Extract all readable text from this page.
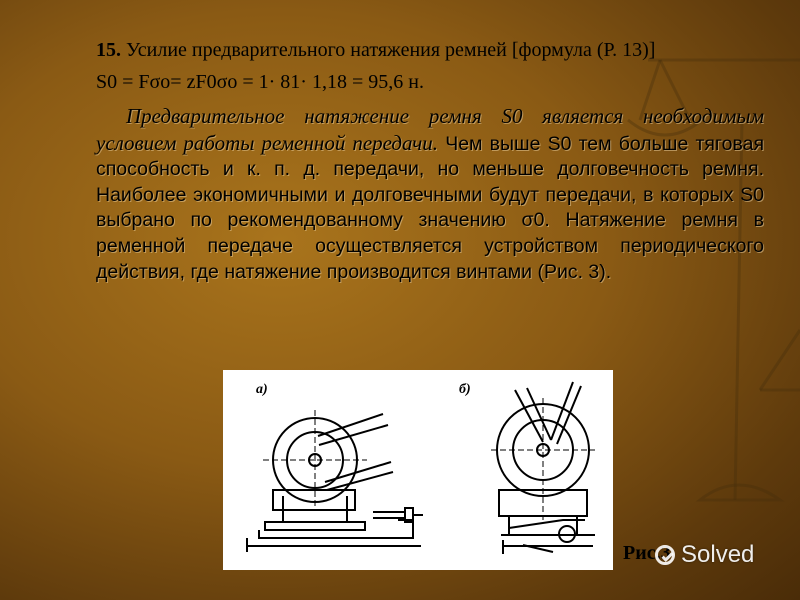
15. Усилие предварительного натяжения ремней [формула (Р. 13)]

S0 = Fσo= zF0σo = 1· 81· 1,18 = 95,6 н.

Предварительное натяжение ремня S0 является необходимым условием работы ременной передачи. Чем выше S0 тем больше тяговая способность и к. п. д. передачи, но меньше долговечность ремня. Наиболее экономичными и долговечными будут передачи, в которых S0 выбрано по рекомендованному значению σ0. Натяжение ремня в ременной передаче осуществляется устройством периодического действия, где натяжение производится винтами (Рис. 3).

а)	б)
Рис.3 Solved
